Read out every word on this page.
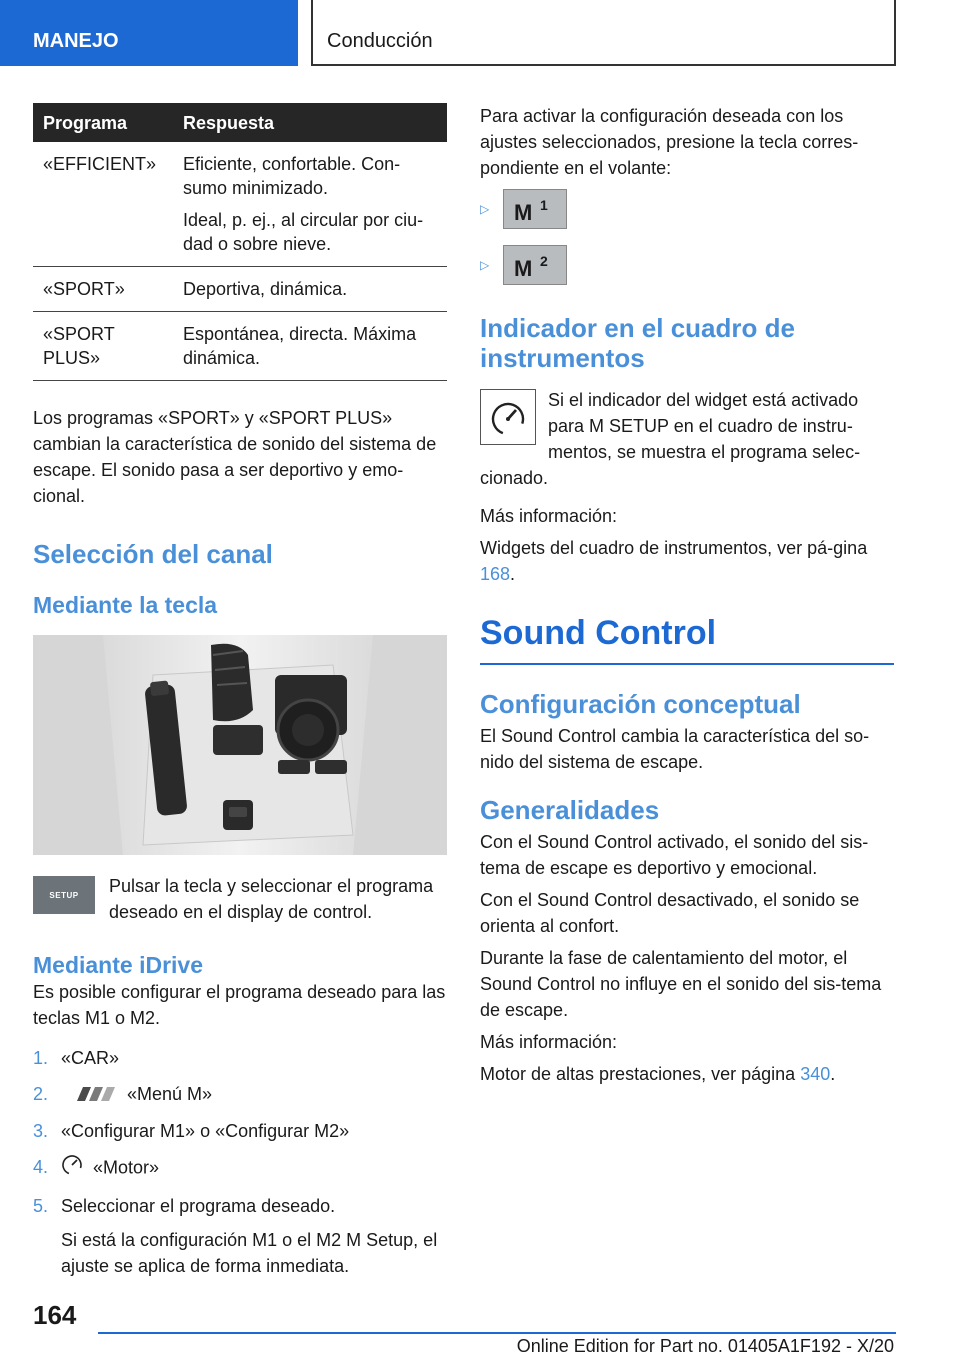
MANEJO	Conducción
Programa	Respuesta
«EFFICIENT»	Eficiente, confortable. Con-sumo minimizado.

Ideal, p. ej., al circular por ciu-dad o sobre nieve.

«SPORT»	Deportiva, dinámica.

«SPORT PLUS»	Espontánea, directa. Máxima dinámica.

Los programas «SPORT» y «SPORT PLUS» cambian la característica de sonido del sistema de escape. El sonido pasa a ser deportivo y emo-cional.

Selección del canal
Mediante la tecla
SETUP	Pulsar la tecla y seleccionar el programa deseado en el display de control.

Mediante iDrive

Es posible configurar el programa deseado para las teclas M1 o M2.

1. «CAR»
2.	«Menú M»
3. «Configurar M1» o «Configurar M2»
4. «Motor»
5. Seleccionar el programa deseado.

Si está la configuración M1 o el M2 M Setup, el ajuste se aplica de forma inmediata.

Para activar la configuración deseada con los ajustes seleccionados, presione la tecla corres-pondiente en el volante:

▷ M 1
▷ M 2
Indicador en el cuadro de instrumentos

Si el indicador del widget está activado para M SETUP en el cuadro de instru-mentos, se muestra el programa selec-cionado.

Más información:

Widgets del cuadro de instrumentos, ver pá-gina 168.

Sound Control
Configuración conceptual

El Sound Control cambia la característica del so-nido del sistema de escape.

Generalidades

Con el Sound Control activado, el sonido del sis-tema de escape es deportivo y emocional.

Con el Sound Control desactivado, el sonido se orienta al confort.

Durante la fase de calentamiento del motor, el Sound Control no influye en el sonido del sis-tema de escape.

Más información:

Motor de altas prestaciones, ver página 340.

164
Online Edition for Part no. 01405A1F192 - X/20
